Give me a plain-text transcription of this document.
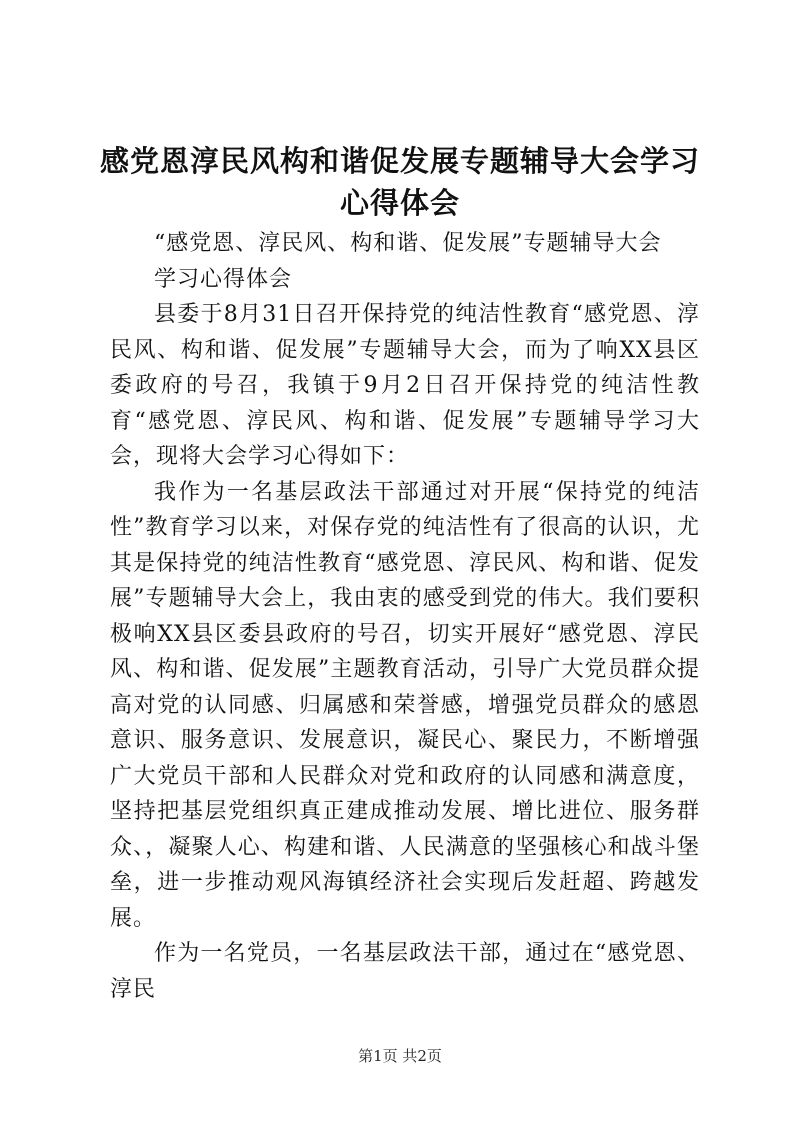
感党恩淳民风构和谐促发展专题辅导大会学习心得体会

“感党恩、淳民风、构和谐、促发展”专题辅导大会

学习心得体会

县委于8月31日召开保持党的纯洁性教育“感党恩、淳民风、构和谐、促发展”专题辅导大会，而为了响XX县区委政府的号召，我镇于9月2日召开保持党的纯洁性教育“感党恩、淳民风、构和谐、促发展”专题辅导学习大会，现将大会学习心得如下：

我作为一名基层政法干部通过对开展“保持党的纯洁性”教育学习以来，对保存党的纯洁性有了很高的认识，尤其是保持党的纯洁性教育“感党恩、淳民风、构和谐、促发展”专题辅导大会上，我由衷的感受到党的伟大。我们要积极响XX县区委县政府的号召，切实开展好“感党恩、淳民风、构和谐、促发展”主题教育活动，引导广大党员群众提高对党的认同感、归属感和荣誉感，增强党员群众的感恩意识、服务意识、发展意识，凝民心、聚民力，不断增强广大党员干部和人民群众对党和政府的认同感和满意度，坚持把基层党组织真正建成推动发展、增比进位、服务群众、，凝聚人心、构建和谐、人民满意的坚强核心和战斗堡垒，进一步推动观风海镇经济社会实现后发赶超、跨越发展。

作为一名党员，一名基层政法干部，通过在“感党恩、淳民

第1页 共2页
